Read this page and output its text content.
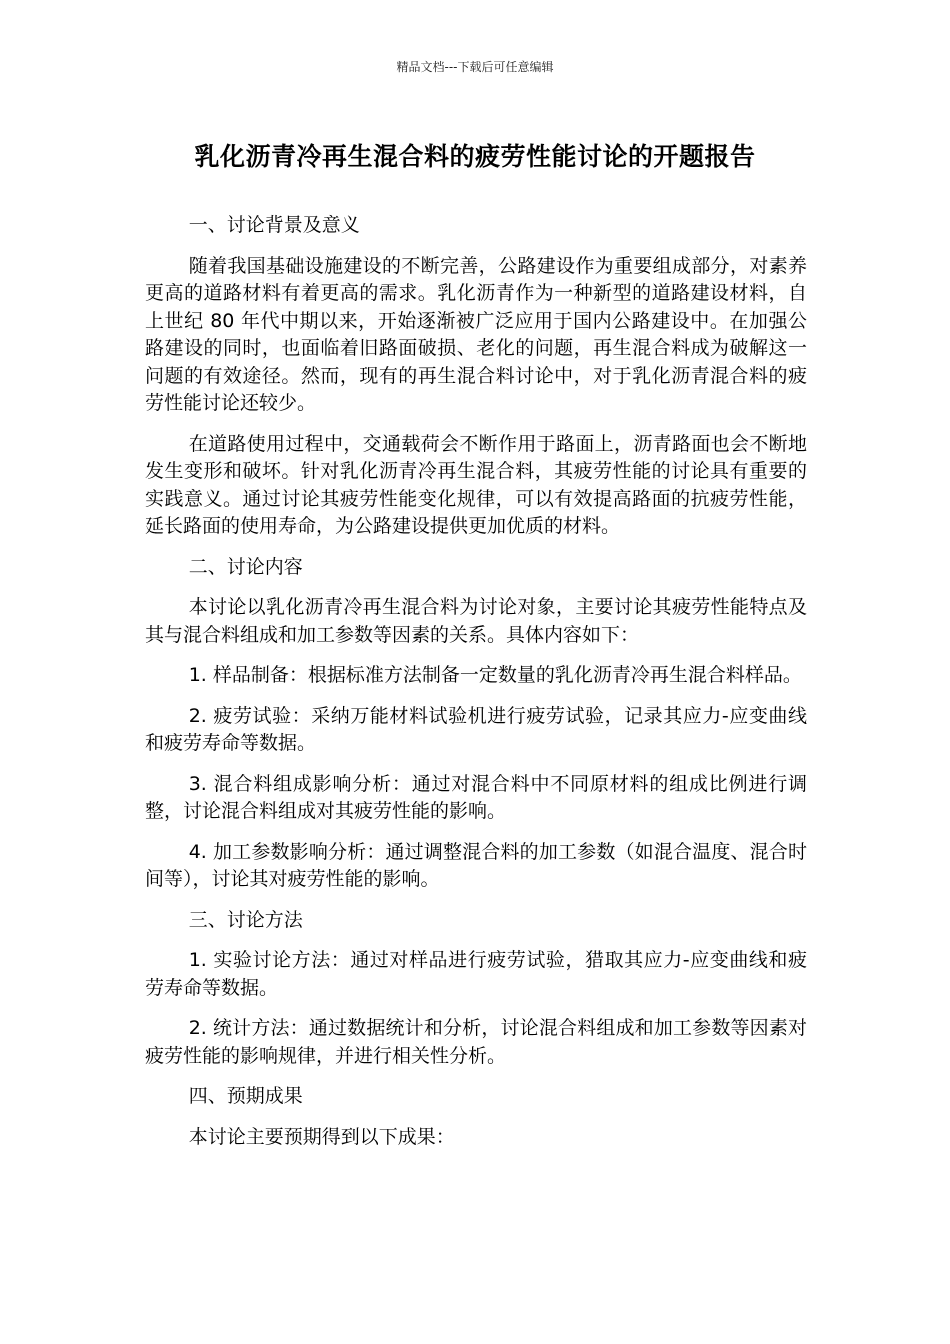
精品文档---下载后可任意编辑
乳化沥青冷再生混合料的疲劳性能讨论的开题报告
一、讨论背景及意义
随着我国基础设施建设的不断完善，公路建设作为重要组成部分，对素养更高的道路材料有着更高的需求。乳化沥青作为一种新型的道路建设材料，自上世纪 80 年代中期以来，开始逐渐被广泛应用于国内公路建设中。在加强公路建设的同时，也面临着旧路面破损、老化的问题，再生混合料成为破解这一问题的有效途径。然而，现有的再生混合料讨论中，对于乳化沥青混合料的疲劳性能讨论还较少。
在道路使用过程中，交通载荷会不断作用于路面上，沥青路面也会不断地发生变形和破坏。针对乳化沥青冷再生混合料，其疲劳性能的讨论具有重要的实践意义。通过讨论其疲劳性能变化规律，可以有效提高路面的抗疲劳性能，延长路面的使用寿命，为公路建设提供更加优质的材料。
二、讨论内容
本讨论以乳化沥青冷再生混合料为讨论对象，主要讨论其疲劳性能特点及其与混合料组成和加工参数等因素的关系。具体内容如下：
1. 样品制备：根据标准方法制备一定数量的乳化沥青冷再生混合料样品。
2. 疲劳试验：采纳万能材料试验机进行疲劳试验，记录其应力-应变曲线和疲劳寿命等数据。
3. 混合料组成影响分析：通过对混合料中不同原材料的组成比例进行调整，讨论混合料组成对其疲劳性能的影响。
4. 加工参数影响分析：通过调整混合料的加工参数（如混合温度、混合时间等），讨论其对疲劳性能的影响。
三、讨论方法
1. 实验讨论方法：通过对样品进行疲劳试验，猎取其应力-应变曲线和疲劳寿命等数据。
2. 统计方法：通过数据统计和分析，讨论混合料组成和加工参数等因素对疲劳性能的影响规律，并进行相关性分析。
四、预期成果
本讨论主要预期得到以下成果：
